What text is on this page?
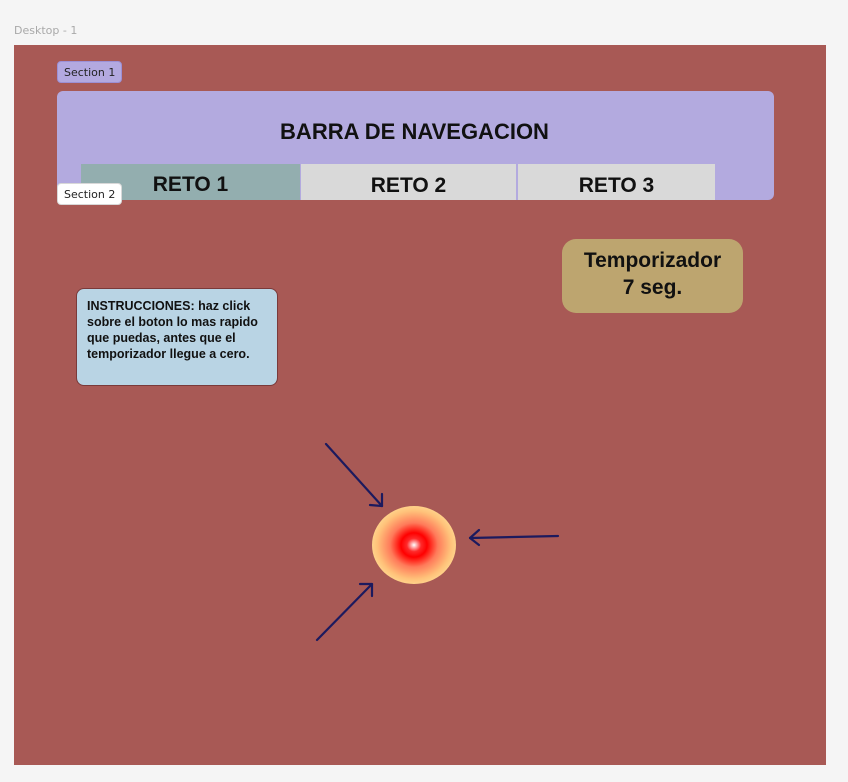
Desktop - 1
Section 1
BARRA DE NAVEGACION
RETO 1	RETO 2	RETO 3
Section 2
Temporizador
7 seg.
INSTRUCCIONES: haz click sobre el boton lo mas rapido que puedas, antes que el temporizador llegue a cero.
